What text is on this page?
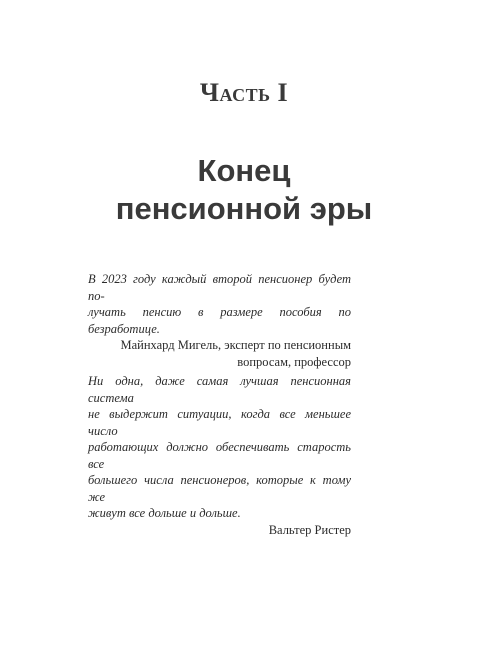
Часть I
Конец
пенсионной эры

В 2023 году каждый второй пенсионер будет по-
лучать пенсию в размере пособия по безработице.

Майнхард Мигель, эксперт по пенсионным
вопросам, профессор

Ни одна, даже самая лучшая пенсионная система
не выдержит ситуации, когда все меньшее число
работающих должно обеспечивать старость все
большего числа пенсионеров, которые к тому же
живут все дольше и дольше.

Вальтер Ристер
